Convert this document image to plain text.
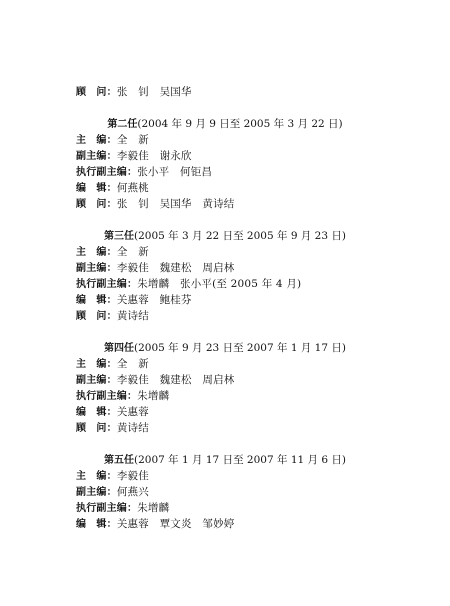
顾　问：张　钊　吴国华
第二任(2004 年 9 月 9 日至 2005 年 3 月 22 日)
主　编：全　新
副主编：李毅佳　谢永欣
执行副主编：张小平　何钜昌
编　辑：何燕桃
顾　问：张　钊　吴国华　黄诗结
第三任(2005 年 3 月 22 日至 2005 年 9 月 23 日)
主　编：全　新
副主编：李毅佳　魏建松　周启林
执行副主编：朱增麟　张小平(至 2005 年 4 月)
编　辑：关惠蓉　鲍桂芬
顾　问：黄诗结
第四任(2005 年 9 月 23 日至 2007 年 1 月 17 日)
主　编：全　新
副主编：李毅佳　魏建松　周启林
执行副主编：朱增麟
编　辑：关惠蓉
顾　问：黄诗结
第五任(2007 年 1 月 17 日至 2007 年 11 月 6 日)
主　编：李毅佳
副主编：何燕兴
执行副主编：朱增麟
编　辑：关惠蓉　覃文炎　邹妙婷
